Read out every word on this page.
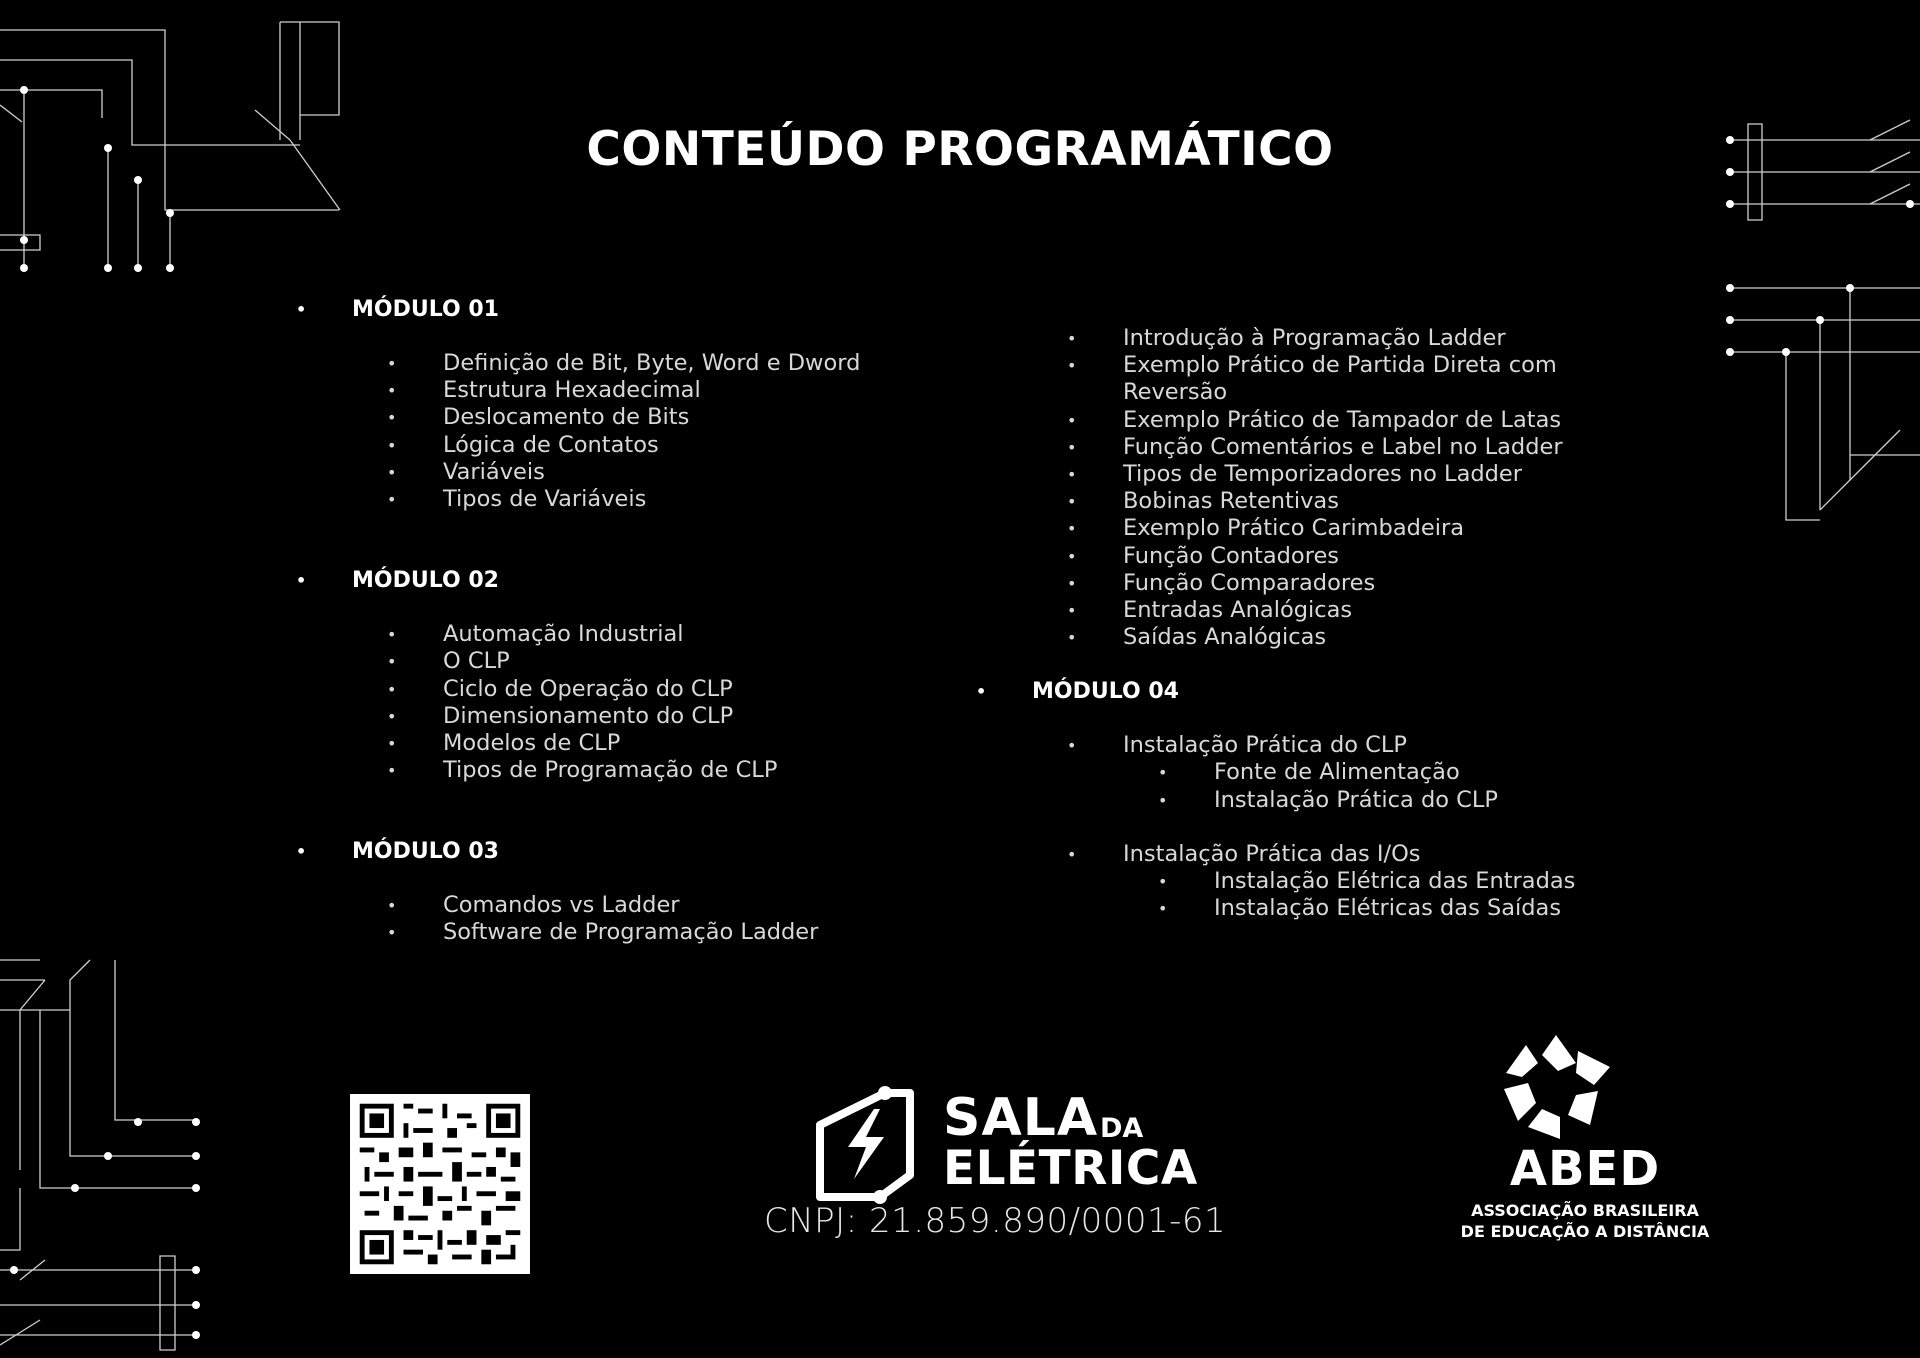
CONTEÚDO PROGRAMÁTICO
• MÓDULO 01
• Definição de Bit, Byte, Word e Dword
• Estrutura Hexadecimal
• Deslocamento de Bits
• Lógica de Contatos
• Variáveis
• Tipos de Variáveis
• MÓDULO 02
• Automação Industrial
• O CLP
• Ciclo de Operação do CLP
• Dimensionamento do CLP
• Modelos de CLP
• Tipos de Programação de CLP
• MÓDULO 03
• Comandos vs Ladder
• Software de Programação Ladder
• Introdução à Programação Ladder
• Exemplo Prático de Partida Direta com Reversão
• Exemplo Prático de Tampador de Latas
• Função Comentários e Label no Ladder
• Tipos de Temporizadores no Ladder
• Bobinas Retentivas
• Exemplo Prático Carimbadeira
• Função Contadores
• Função Comparadores
• Entradas Analógicas
• Saídas Analógicas
• MÓDULO 04
• Instalação Prática do CLP
• Fonte de Alimentação
• Instalação Prática do CLP
• Instalação Prática das I/Os
• Instalação Elétrica das Entradas
• Instalação Elétricas das Saídas
SALA DA
ELÉTRICA
CNPJ: 21.859.890/0001-61
ABED
ASSOCIAÇÃO BRASILEIRA
DE EDUCAÇÃO A DISTÂNCIA
